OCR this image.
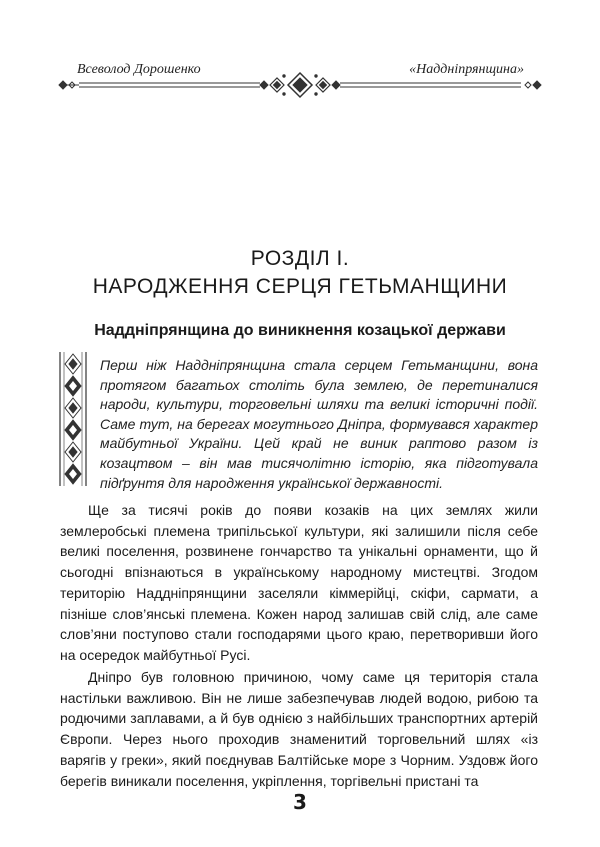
Всеволод Дорошенко	«Наддніпрянщина»
РОЗДІЛ І.
НАРОДЖЕННЯ СЕРЦЯ ГЕТЬМАНЩИНИ
Наддніпрянщина до виникнення козацької держави

Перш ніж Наддніпрянщина стала серцем Гетьманщини, вона протягом багатьох століть була землею, де перетиналися народи, культури, торговельні шляхи та великі історичні події. Саме тут, на берегах могутнього Дніпра, формувався характер майбутньої України. Цей край не виник раптово разом із козацтвом – він мав тисячолітню історію, яка підготувала підґрунтя для народження української державності.

Ще за тисячі років до появи козаків на цих землях жили землеробські племена трипільської культури, які залишили після себе великі поселення, розвинене гончарство та унікальні орнаменти, що й сьогодні впізнаються в українському народному мистецтві. Згодом територію Наддніпрянщини заселяли кіммерійці, скіфи, сармати, а пізніше слов’янські племена. Кожен народ залишав свій слід, але саме слов’яни поступово стали господарями цього краю, перетворивши його на осередок майбутньої Русі.

Дніпро був головною причиною, чому саме ця територія стала настільки важливою. Він не лише забезпечував людей водою, рибою та родючими заплавами, а й був однією з найбільших транспортних артерій Європи. Через нього проходив знаменитий торговельний шлях «із варягів у греки», який поєднував Балтійське море з Чорним. Уздовж його берегів виникали поселення, укріплення, торгівельні пристані та

3
